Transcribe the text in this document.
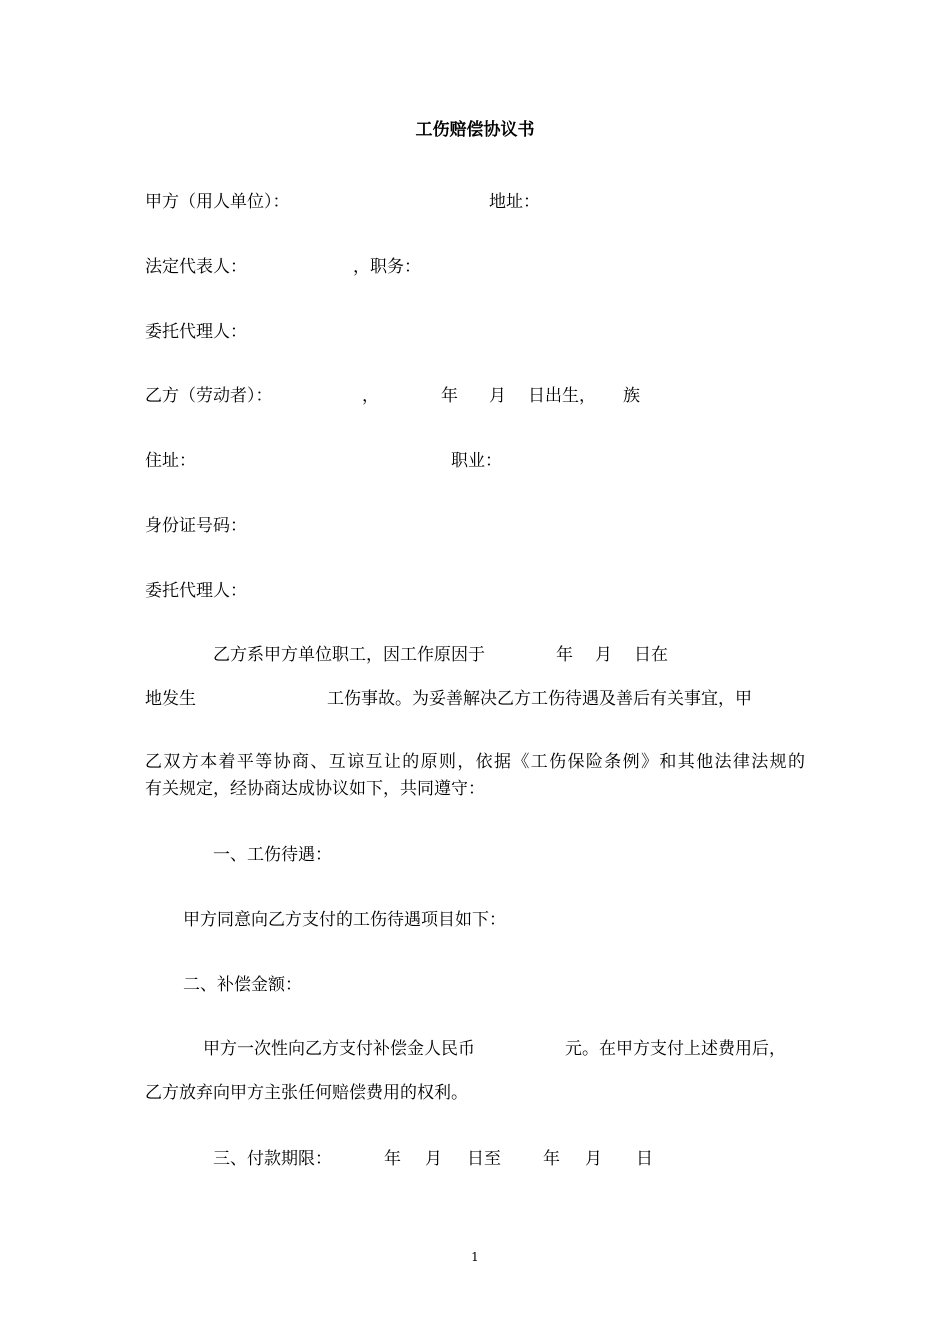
工伤赔偿协议书

甲方（用人单位）：	地址：

法定代表人：	，职务：

委托代理人：

乙方（劳动者）：	，	年 月 日出生， 族

住址：	职业：

身份证号码：

委托代理人：

乙方系甲方单位职工，因工作原因于	年 月 日在

地发生	工伤事故。为妥善解决乙方工伤待遇及善后有关事宜，甲

乙双方本着平等协商、互谅互让的原则，依据《工伤保险条例》和其他法律法规的

有关规定，经协商达成协议如下，共同遵守：

一、工伤待遇：

甲方同意向乙方支付的工伤待遇项目如下：

二、补偿金额：

甲方一次性向乙方支付补偿金人民币	元。在甲方支付上述费用后，

乙方放弃向甲方主张任何赔偿费用的权利。

三、付款期限：	年 月 日至 年 月 日

1
